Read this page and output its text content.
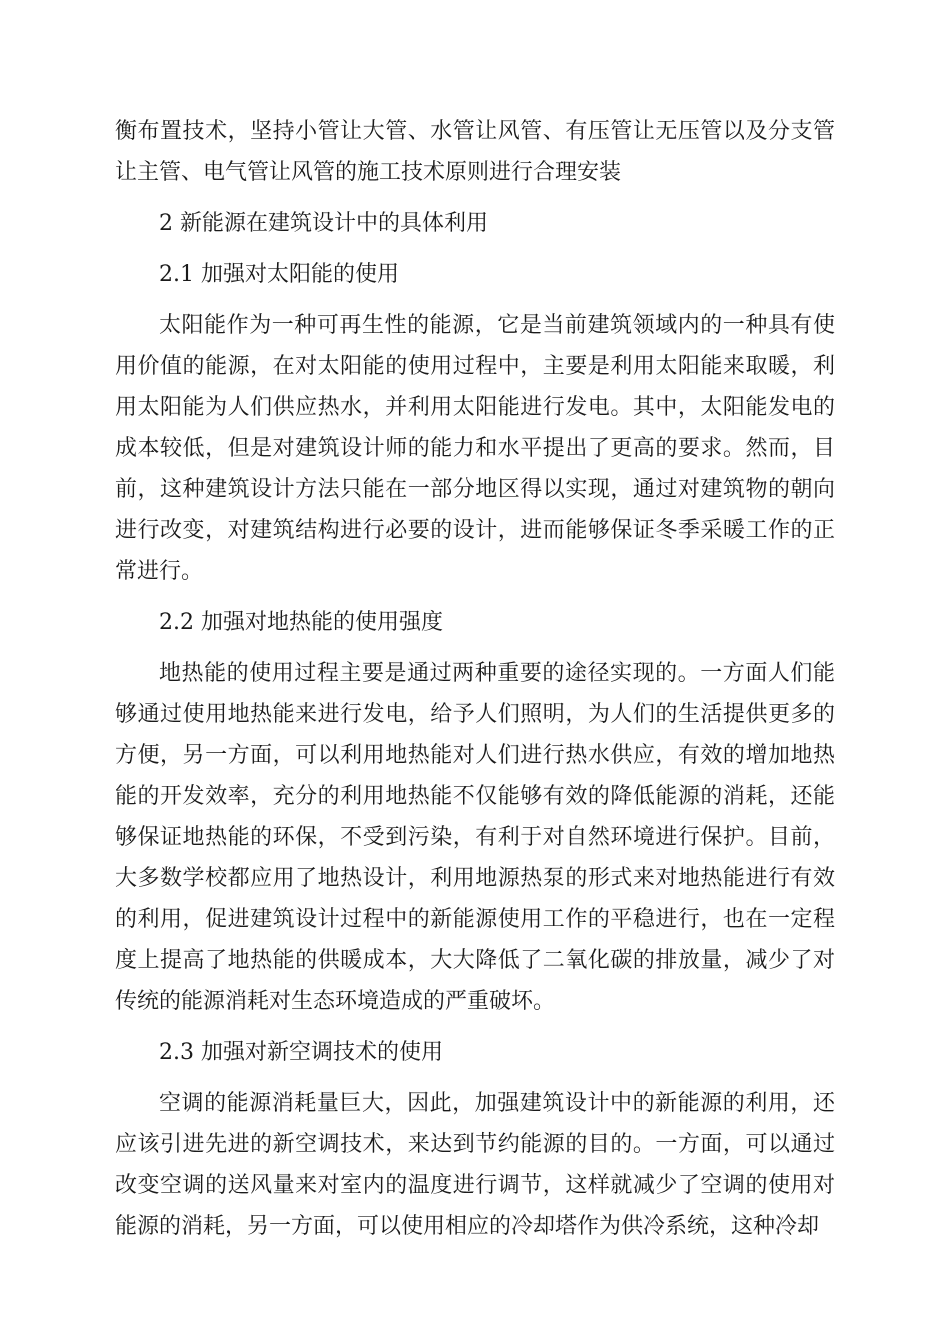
衡布置技术，坚持小管让大管、水管让风管、有压管让无压管以及分支管让主管、电气管让风管的施工技术原则进行合理安装

2 新能源在建筑设计中的具体利用

2.1 加强对太阳能的使用

太阳能作为一种可再生性的能源，它是当前建筑领域内的一种具有使用价值的能源，在对太阳能的使用过程中，主要是利用太阳能来取暖，利用太阳能为人们供应热水，并利用太阳能进行发电。其中，太阳能发电的成本较低，但是对建筑设计师的能力和水平提出了更高的要求。然而，目前，这种建筑设计方法只能在一部分地区得以实现，通过对建筑物的朝向进行改变，对建筑结构进行必要的设计，进而能够保证冬季采暖工作的正常进行。

2.2 加强对地热能的使用强度

地热能的使用过程主要是通过两种重要的途径实现的。一方面人们能够通过使用地热能来进行发电，给予人们照明，为人们的生活提供更多的方便，另一方面，可以利用地热能对人们进行热水供应，有效的增加地热能的开发效率，充分的利用地热能不仅能够有效的降低能源的消耗，还能够保证地热能的环保，不受到污染，有利于对自然环境进行保护。目前，大多数学校都应用了地热设计，利用地源热泵的形式来对地热能进行有效的利用，促进建筑设计过程中的新能源使用工作的平稳进行，也在一定程度上提高了地热能的供暖成本，大大降低了二氧化碳的排放量，减少了对传统的能源消耗对生态环境造成的严重破坏。

2.3 加强对新空调技术的使用

空调的能源消耗量巨大，因此，加强建筑设计中的新能源的利用，还应该引进先进的新空调技术，来达到节约能源的目的。一方面，可以通过改变空调的送风量来对室内的温度进行调节，这样就减少了空调的使用对能源的消耗，另一方面，可以使用相应的冷却塔作为供冷系统，这种冷却
